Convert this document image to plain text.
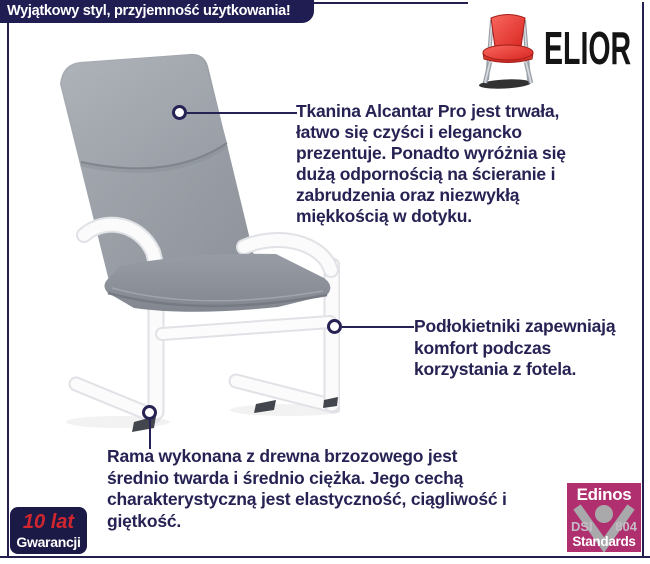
Wyjątkowy styl, przyjemność użytkowania!
ELIOR
Tkanina Alcantar Pro jest trwała,
łatwo się czyści i elegancko
prezentuje. Ponadto wyróżnia się
dużą odpornością na ścieranie i
zabrudzenia oraz niezwykłą
miękkością w dotyku.
Podłokietniki zapewniają
komfort podczas
korzystania z fotela.
Rama wykonana z drewna brzozowego jest
średnio twarda i średnio ciężka. Jego cechą
charakterystyczną jest elastyczność, ciągliwość i
giętkość.
10 lat
Gwarancji
Edinos
DSI 804
Standards
